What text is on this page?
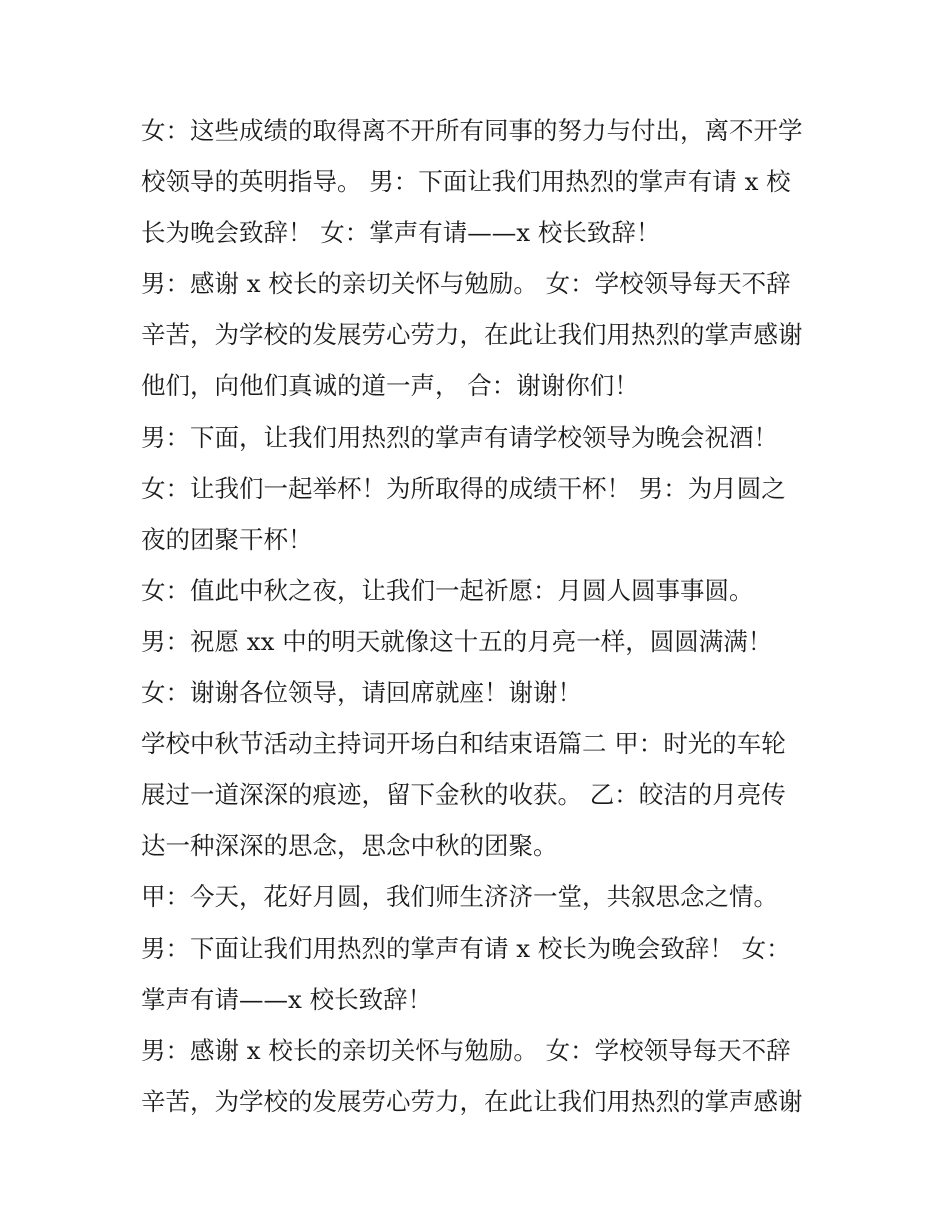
女：这些成绩的取得离不开所有同事的努力与付出，离不开学
校领导的英明指导。 男：下面让我们用热烈的掌声有请 x 校
长为晚会致辞！ 女：掌声有请——x 校长致辞！
男：感谢 x 校长的亲切关怀与勉励。 女：学校领导每天不辞
辛苦，为学校的发展劳心劳力，在此让我们用热烈的掌声感谢
他们，向他们真诚的道一声， 合：谢谢你们！
男：下面，让我们用热烈的掌声有请学校领导为晚会祝酒！
女：让我们一起举杯！为所取得的成绩干杯！ 男：为月圆之
夜的团聚干杯！
女：值此中秋之夜，让我们一起祈愿：月圆人圆事事圆。
男：祝愿 xx 中的明天就像这十五的月亮一样，圆圆满满！
女：谢谢各位领导，请回席就座！谢谢！
学校中秋节活动主持词开场白和结束语篇二 甲：时光的车轮
展过一道深深的痕迹，留下金秋的收获。 乙：皎洁的月亮传
达一种深深的思念，思念中秋的团聚。
甲：今天，花好月圆，我们师生济济一堂，共叙思念之情。
男：下面让我们用热烈的掌声有请 x 校长为晚会致辞！ 女：
掌声有请——x 校长致辞！
男：感谢 x 校长的亲切关怀与勉励。 女：学校领导每天不辞
辛苦，为学校的发展劳心劳力，在此让我们用热烈的掌声感谢
